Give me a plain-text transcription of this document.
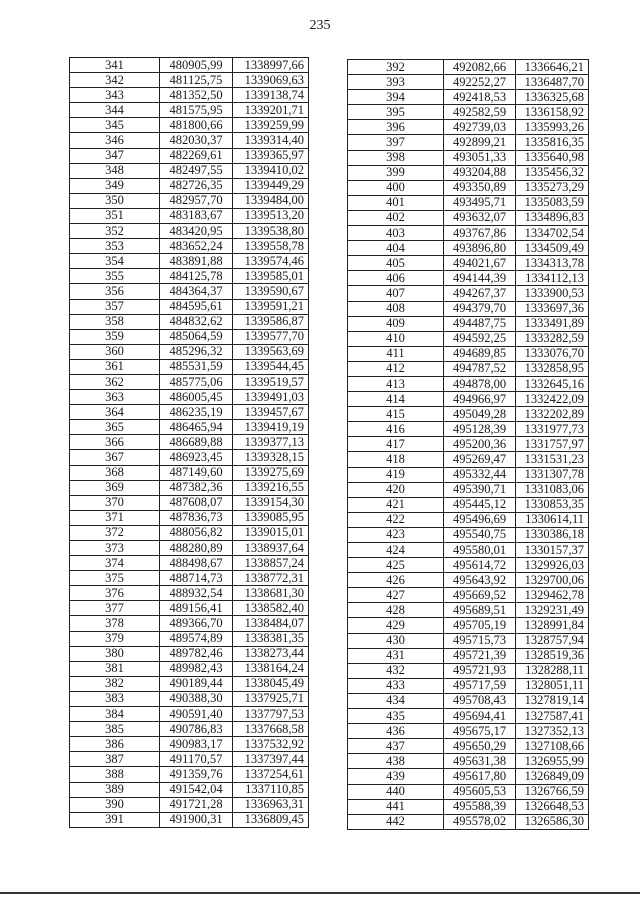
235
341	480905,99	1338997,66
342	481125,75	1339069,63
343	481352,50	1339138,74
344	481575,95	1339201,71
345	481800,66	1339259,99
346	482030,37	1339314,40
347	482269,61	1339365,97
348	482497,55	1339410,02
349	482726,35	1339449,29
350	482957,70	1339484,00
351	483183,67	1339513,20
352	483420,95	1339538,80
353	483652,24	1339558,78
354	483891,88	1339574,46
355	484125,78	1339585,01
356	484364,37	1339590,67
357	484595,61	1339591,21
358	484832,62	1339586,87
359	485064,59	1339577,70
360	485296,32	1339563,69
361	485531,59	1339544,45
362	485775,06	1339519,57
363	486005,45	1339491,03
364	486235,19	1339457,67
365	486465,94	1339419,19
366	486689,88	1339377,13
367	486923,45	1339328,15
368	487149,60	1339275,69
369	487382,36	1339216,55
370	487608,07	1339154,30
371	487836,73	1339085,95
372	488056,82	1339015,01
373	488280,89	1338937,64
374	488498,67	1338857,24
375	488714,73	1338772,31
376	488932,54	1338681,30
377	489156,41	1338582,40
378	489366,70	1338484,07
379	489574,89	1338381,35
380	489782,46	1338273,44
381	489982,43	1338164,24
382	490189,44	1338045,49
383	490388,30	1337925,71
384	490591,40	1337797,53
385	490786,83	1337668,58
386	490983,17	1337532,92
387	491170,57	1337397,44
388	491359,76	1337254,61
389	491542,04	1337110,85
390	491721,28	1336963,31
391	491900,31	1336809,45
392	492082,66	1336646,21
393	492252,27	1336487,70
394	492418,53	1336325,68
395	492582,59	1336158,92
396	492739,03	1335993,26
397	492899,21	1335816,35
398	493051,33	1335640,98
399	493204,88	1335456,32
400	493350,89	1335273,29
401	493495,71	1335083,59
402	493632,07	1334896,83
403	493767,86	1334702,54
404	493896,80	1334509,49
405	494021,67	1334313,78
406	494144,39	1334112,13
407	494267,37	1333900,53
408	494379,70	1333697,36
409	494487,75	1333491,89
410	494592,25	1333282,59
411	494689,85	1333076,70
412	494787,52	1332858,95
413	494878,00	1332645,16
414	494966,97	1332422,09
415	495049,28	1332202,89
416	495128,39	1331977,73
417	495200,36	1331757,97
418	495269,47	1331531,23
419	495332,44	1331307,78
420	495390,71	1331083,06
421	495445,12	1330853,35
422	495496,69	1330614,11
423	495540,75	1330386,18
424	495580,01	1330157,37
425	495614,72	1329926,03
426	495643,92	1329700,06
427	495669,52	1329462,78
428	495689,51	1329231,49
429	495705,19	1328991,84
430	495715,73	1328757,94
431	495721,39	1328519,36
432	495721,93	1328288,11
433	495717,59	1328051,11
434	495708,43	1327819,14
435	495694,41	1327587,41
436	495675,17	1327352,13
437	495650,29	1327108,66
438	495631,38	1326955,99
439	495617,80	1326849,09
440	495605,53	1326766,59
441	495588,39	1326648,53
442	495578,02	1326586,30
